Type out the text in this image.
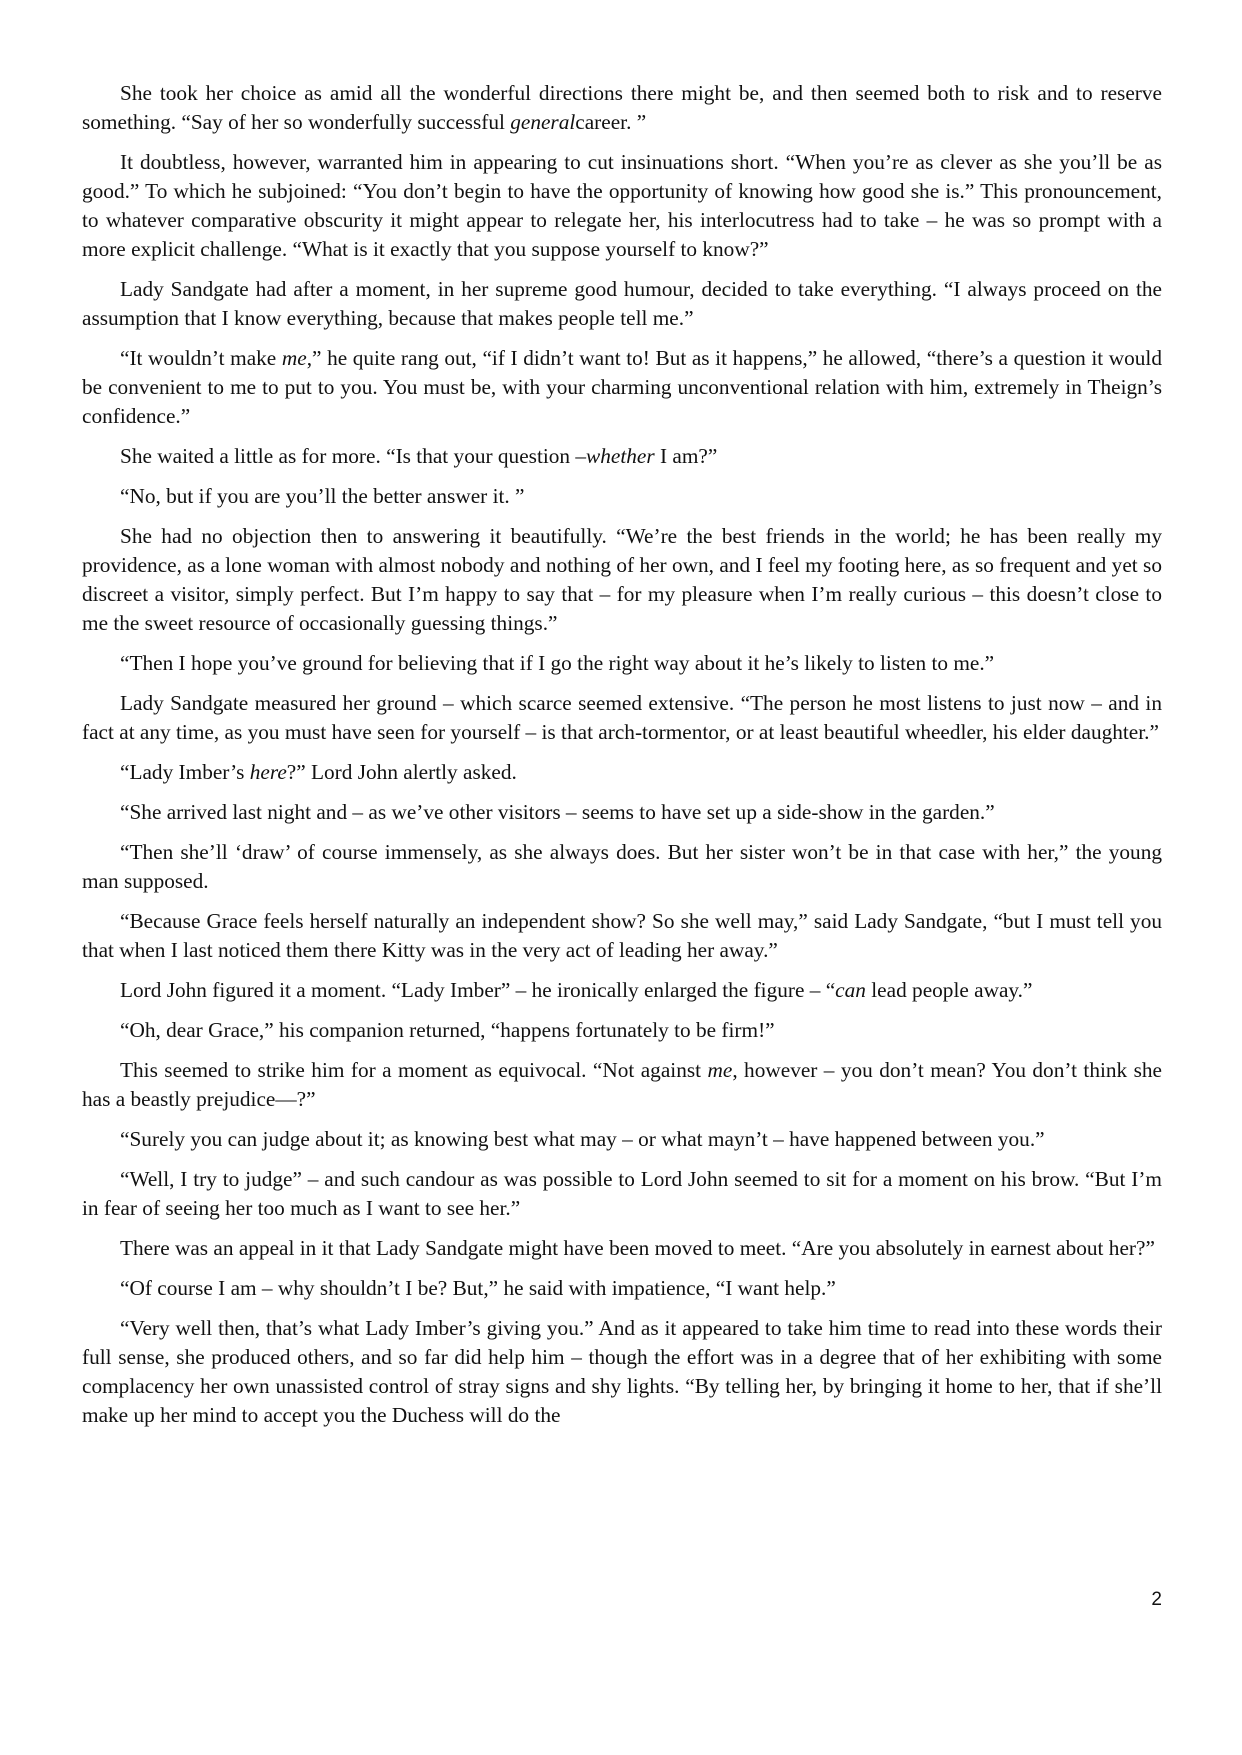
She took her choice as amid all the wonderful directions there might be, and then seemed both to risk and to reserve something. “Say of her so wonderfully successful generalcareer. ”

It doubtless, however, warranted him in appearing to cut insinuations short. “When you’re as clever as she you’ll be as good.” To which he subjoined: “You don’t begin to have the opportunity of knowing how good she is.” This pronouncement, to whatever comparative obscurity it might appear to relegate her, his interlocutress had to take – he was so prompt with a more explicit challenge. “What is it exactly that you suppose yourself to know?”

Lady Sandgate had after a moment, in her supreme good humour, decided to take everything. “I always proceed on the assumption that I know everything, because that makes people tell me.”

“It wouldn’t make me,” he quite rang out, “if I didn’t want to! But as it happens,” he allowed, “there’s a question it would be convenient to me to put to you. You must be, with your charming unconventional relation with him, extremely in Theign’s confidence.”

She waited a little as for more. “Is that your question –whether I am?”

“No, but if you are you’ll the better answer it. ”

She had no objection then to answering it beautifully. “We’re the best friends in the world; he has been really my providence, as a lone woman with almost nobody and nothing of her own, and I feel my footing here, as so frequent and yet so discreet a visitor, simply perfect. But I’m happy to say that – for my pleasure when I’m really curious – this doesn’t close to me the sweet resource of occasionally guessing things.”

“Then I hope you’ve ground for believing that if I go the right way about it he’s likely to listen to me.”

Lady Sandgate measured her ground – which scarce seemed extensive. “The person he most listens to just now – and in fact at any time, as you must have seen for yourself – is that arch-tormentor, or at least beautiful wheedler, his elder daughter.”

“Lady Imber’s here?” Lord John alertly asked.

“She arrived last night and – as we’ve other visitors – seems to have set up a side-show in the garden.”

“Then she’ll ‘draw’ of course immensely, as she always does. But her sister won’t be in that case with her,” the young man supposed.

“Because Grace feels herself naturally an independent show? So she well may,” said Lady Sandgate, “but I must tell you that when I last noticed them there Kitty was in the very act of leading her away.”

Lord John figured it a moment. “Lady Imber” – he ironically enlarged the figure – “can lead people away.”

“Oh, dear Grace,” his companion returned, “happens fortunately to be firm!”

This seemed to strike him for a moment as equivocal. “Not against me, however – you don’t mean? You don’t think she has a beastly prejudice—?”

“Surely you can judge about it; as knowing best what may – or what mayn’t – have happened between you.”

“Well, I try to judge” – and such candour as was possible to Lord John seemed to sit for a moment on his brow. “But I’m in fear of seeing her too much as I want to see her.”

There was an appeal in it that Lady Sandgate might have been moved to meet. “Are you absolutely in earnest about her?”

“Of course I am – why shouldn’t I be? But,” he said with impatience, “I want help.”

“Very well then, that’s what Lady Imber’s giving you.” And as it appeared to take him time to read into these words their full sense, she produced others, and so far did help him – though the effort was in a degree that of her exhibiting with some complacency her own unassisted control of stray signs and shy lights. “By telling her, by bringing it home to her, that if she’ll make up her mind to accept you the Duchess will do the

2
